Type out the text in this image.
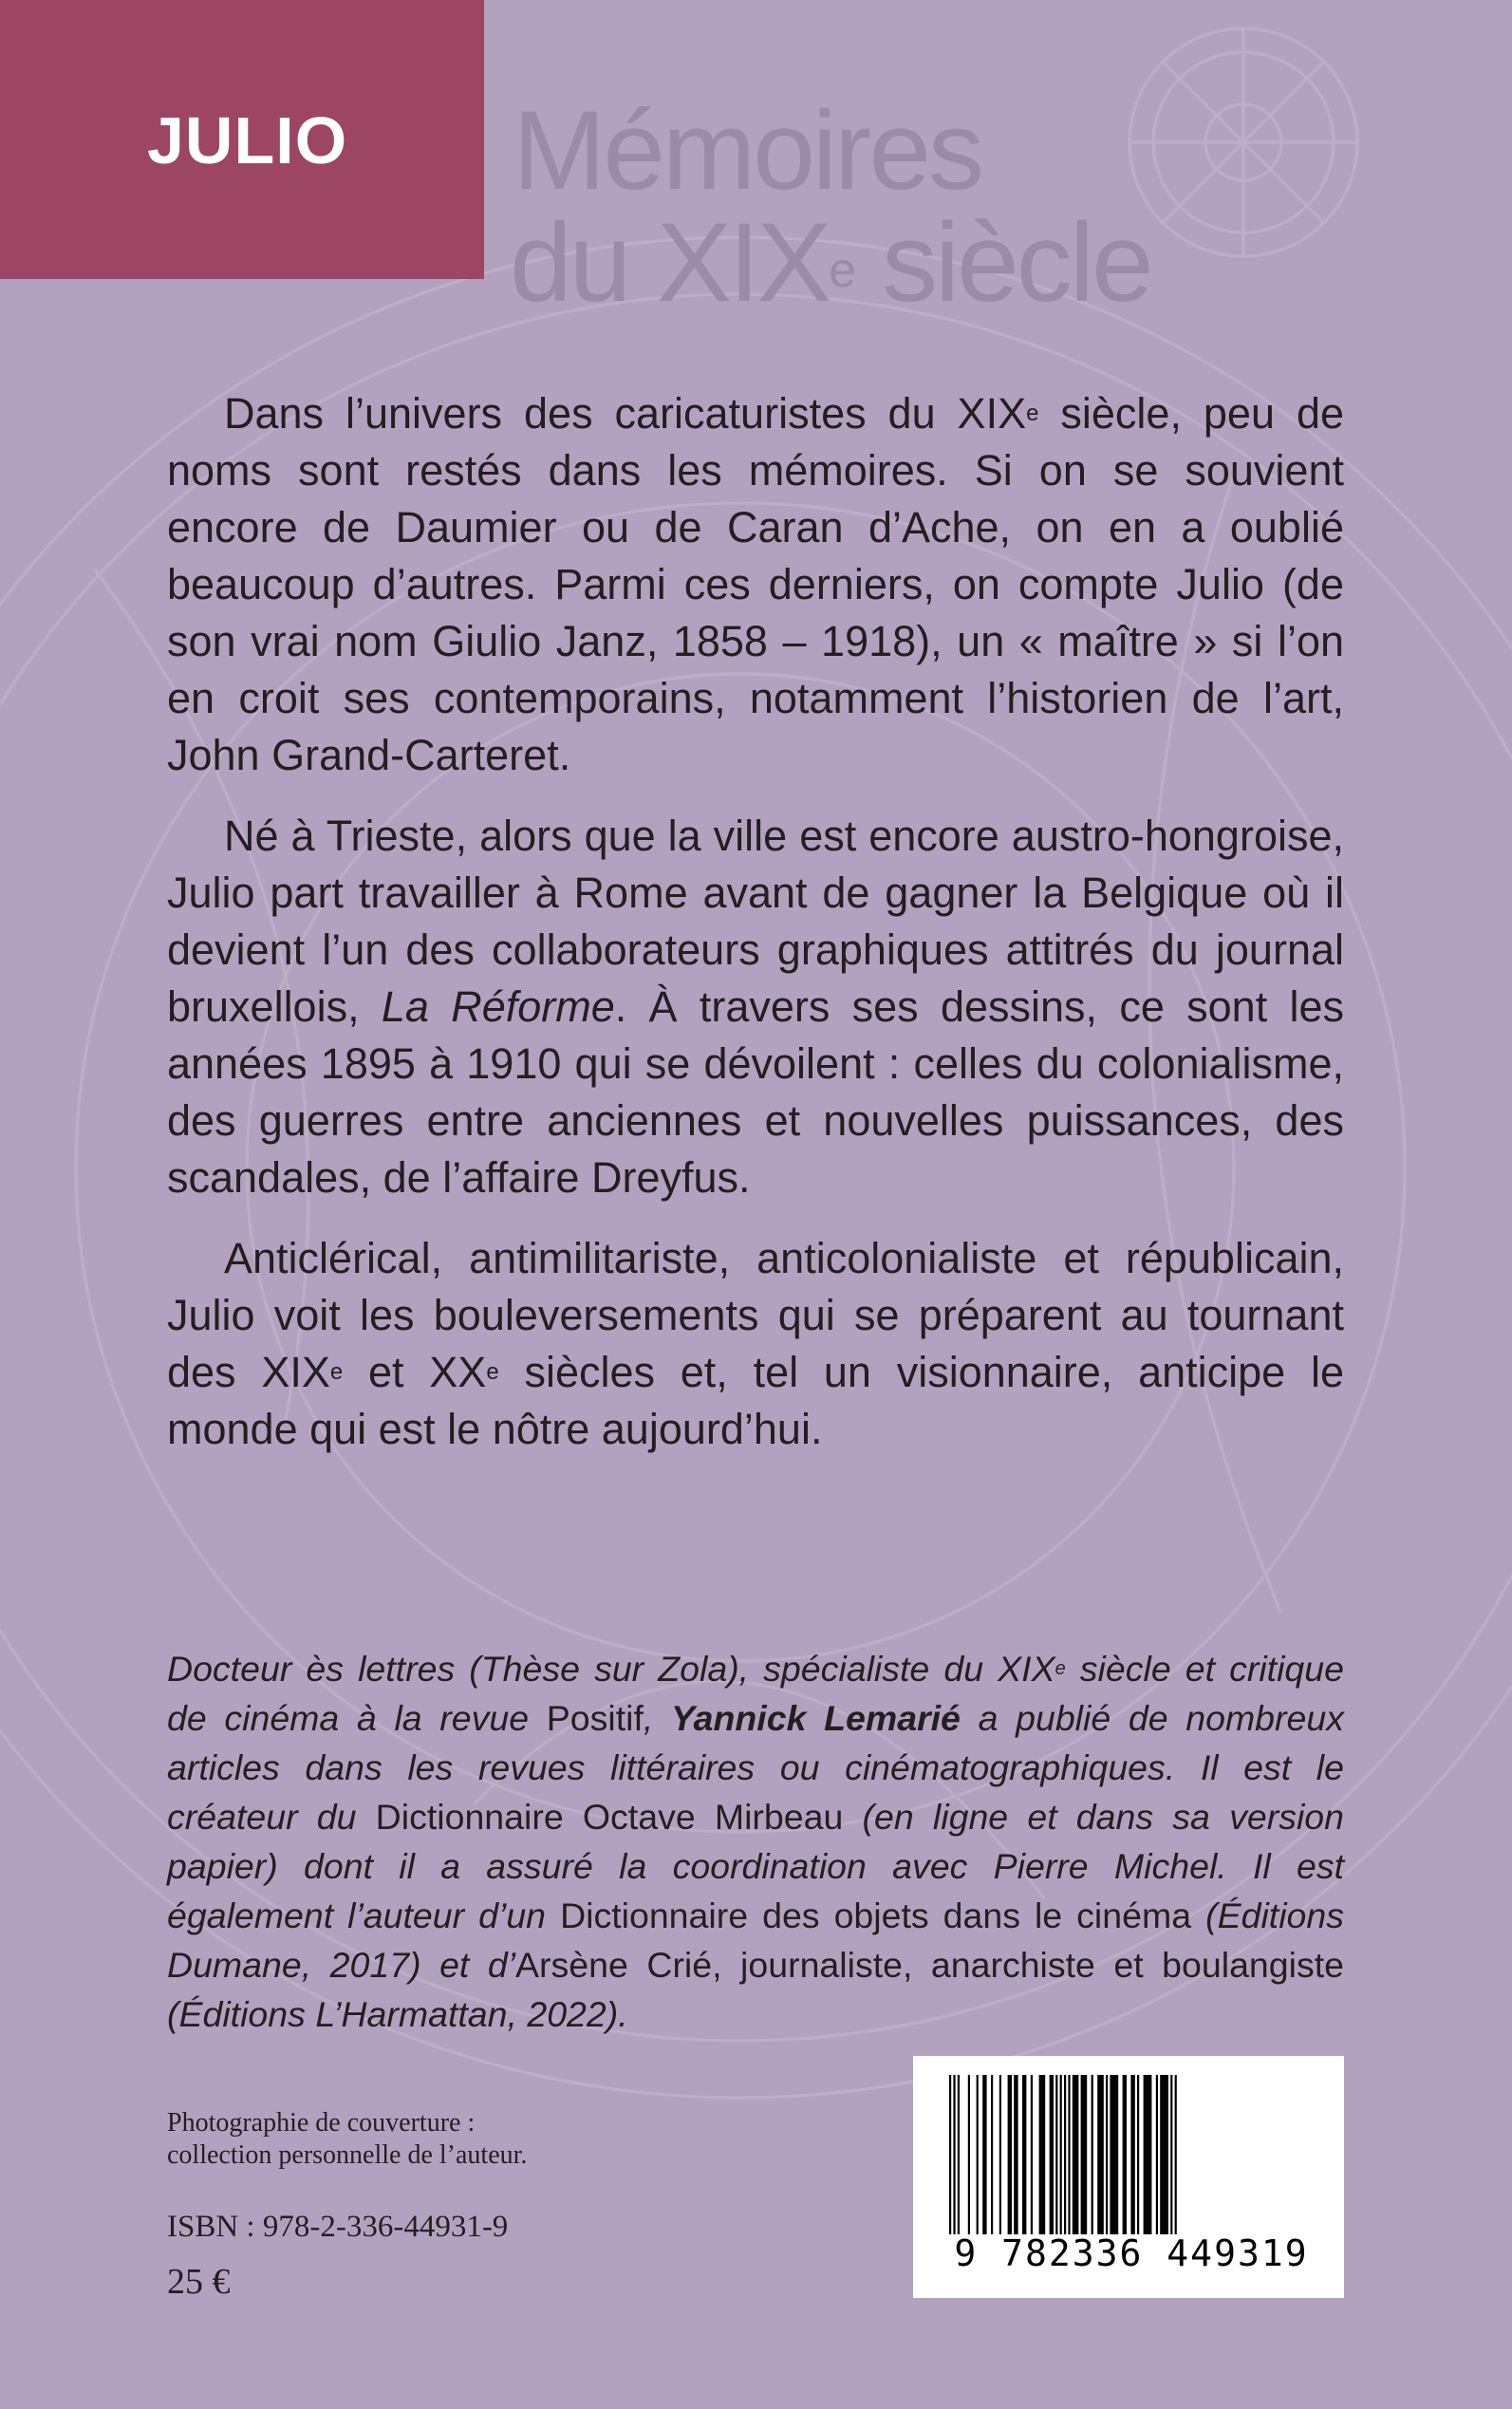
JULIO Mémoires
du XIXe siècle

Dans l’univers des caricaturistes du XIXe siècle, peu de noms sont restés dans les mémoires. Si on se souvient encore de Daumier ou de Caran d’Ache, on en a oublié beaucoup d’autres. Parmi ces derniers, on compte Julio (de son vrai nom Giulio Janz, 1858 – 1918), un « maître » si l’on en croit ses contemporains, notamment l’historien de l’art, John Grand-Carteret.

Né à Trieste, alors que la ville est encore austro-hongroise, Julio part travailler à Rome avant de gagner la Belgique où il devient l’un des collaborateurs graphiques attitrés du journal bruxellois, La Réforme. À travers ses dessins, ce sont les années 1895 à 1910 qui se dévoilent : celles du colonialisme, des guerres entre anciennes et nouvelles puissances, des scandales, de l’affaire Dreyfus.

Anticlérical, antimilitariste, anticolonialiste et républicain, Julio voit les bouleversements qui se préparent au tournant des XIXe et XXe siècles et, tel un visionnaire, anticipe le monde qui est le nôtre aujourd’hui.

Docteur ès lettres (Thèse sur Zola), spécialiste du XIXe siècle et critique de cinéma à la revue Positif, Yannick Lemarié a publié de nombreux articles dans les revues littéraires ou cinématographiques. Il est le créateur du Dictionnaire Octave Mirbeau (en ligne et dans sa version papier) dont il a assuré la coordination avec Pierre Michel. Il est également l’auteur d’un Dictionnaire des objets dans le cinéma (Éditions Dumane, 2017) et d’Arsène Crié, journaliste, anarchiste et boulangiste (Éditions L’Harmattan, 2022).
Photographie de couverture :
collection personnelle de l’auteur.
ISBN : 978-2-336-44931-9
25 €
9 782336 449319
